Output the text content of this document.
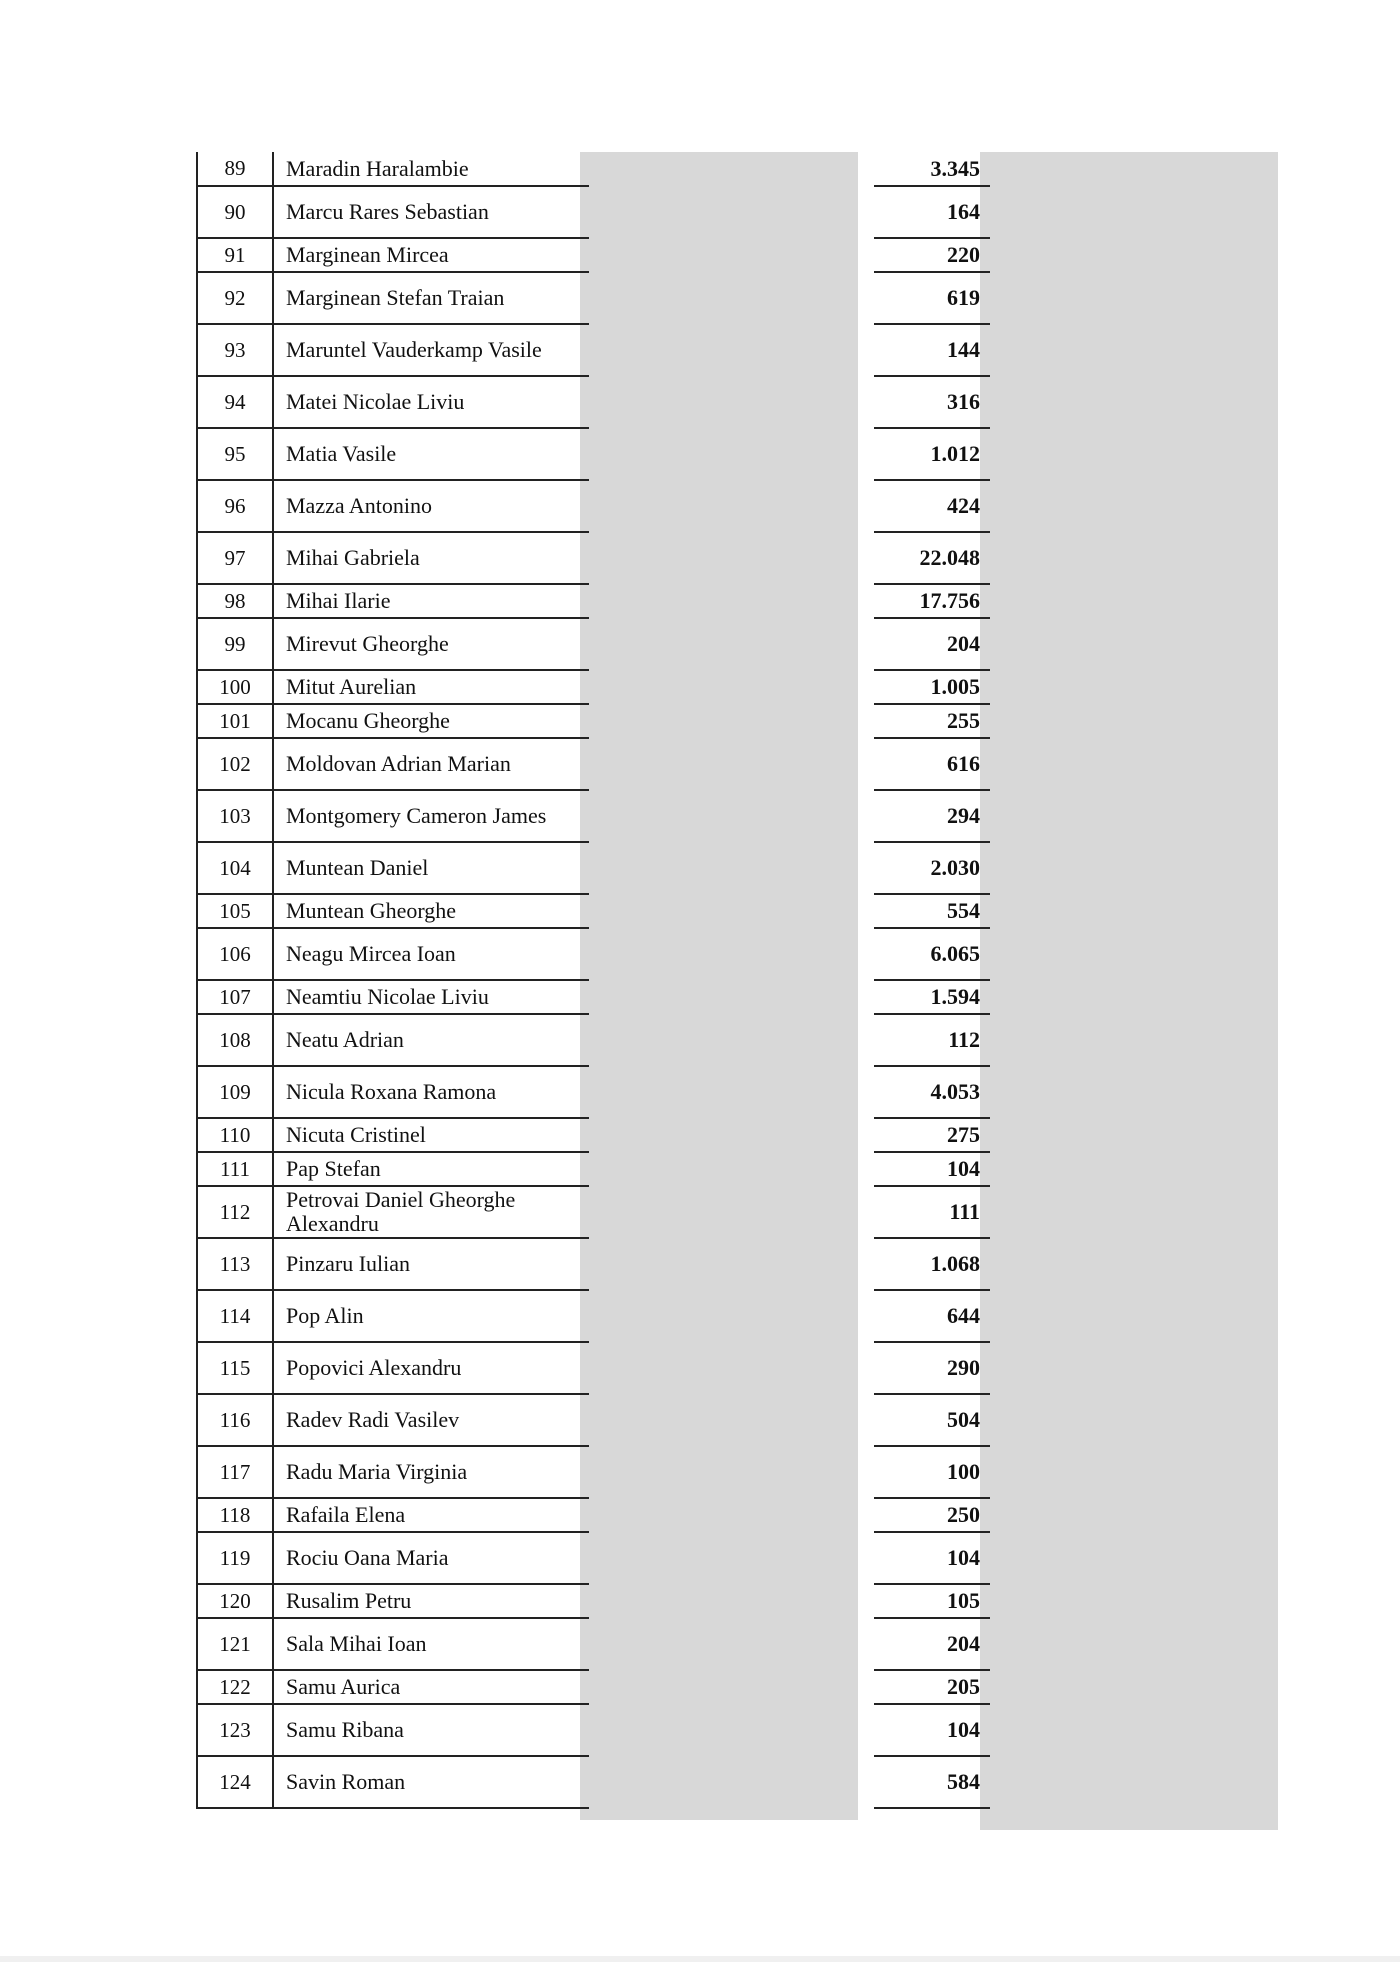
89	Maradin Haralambie		3.345
90	Marcu Rares Sebastian		164
91	Marginean Mircea		220
92	Marginean Stefan Traian		619
93	Maruntel Vauderkamp Vasile		144
94	Matei Nicolae Liviu		316
95	Matia Vasile		1.012
96	Mazza Antonino		424
97	Mihai Gabriela		22.048
98	Mihai Ilarie		17.756
99	Mirevut Gheorghe		204
100	Mitut Aurelian		1.005
101	Mocanu Gheorghe		255
102	Moldovan Adrian Marian		616
103	Montgomery Cameron James		294
104	Muntean Daniel		2.030
105	Muntean Gheorghe		554
106	Neagu Mircea Ioan		6.065
107	Neamtiu Nicolae Liviu		1.594
108	Neatu Adrian		112
109	Nicula Roxana Ramona		4.053
110	Nicuta Cristinel		275
111	Pap Stefan		104
112	Petrovai Daniel Gheorghe Alexandru		111
113	Pinzaru Iulian		1.068
114	Pop Alin		644
115	Popovici Alexandru		290
116	Radev Radi Vasilev		504
117	Radu Maria Virginia		100
118	Rafaila Elena		250
119	Rociu Oana Maria		104
120	Rusalim Petru		105
121	Sala Mihai Ioan		204
122	Samu Aurica		205
123	Samu Ribana		104
124	Savin Roman		584
